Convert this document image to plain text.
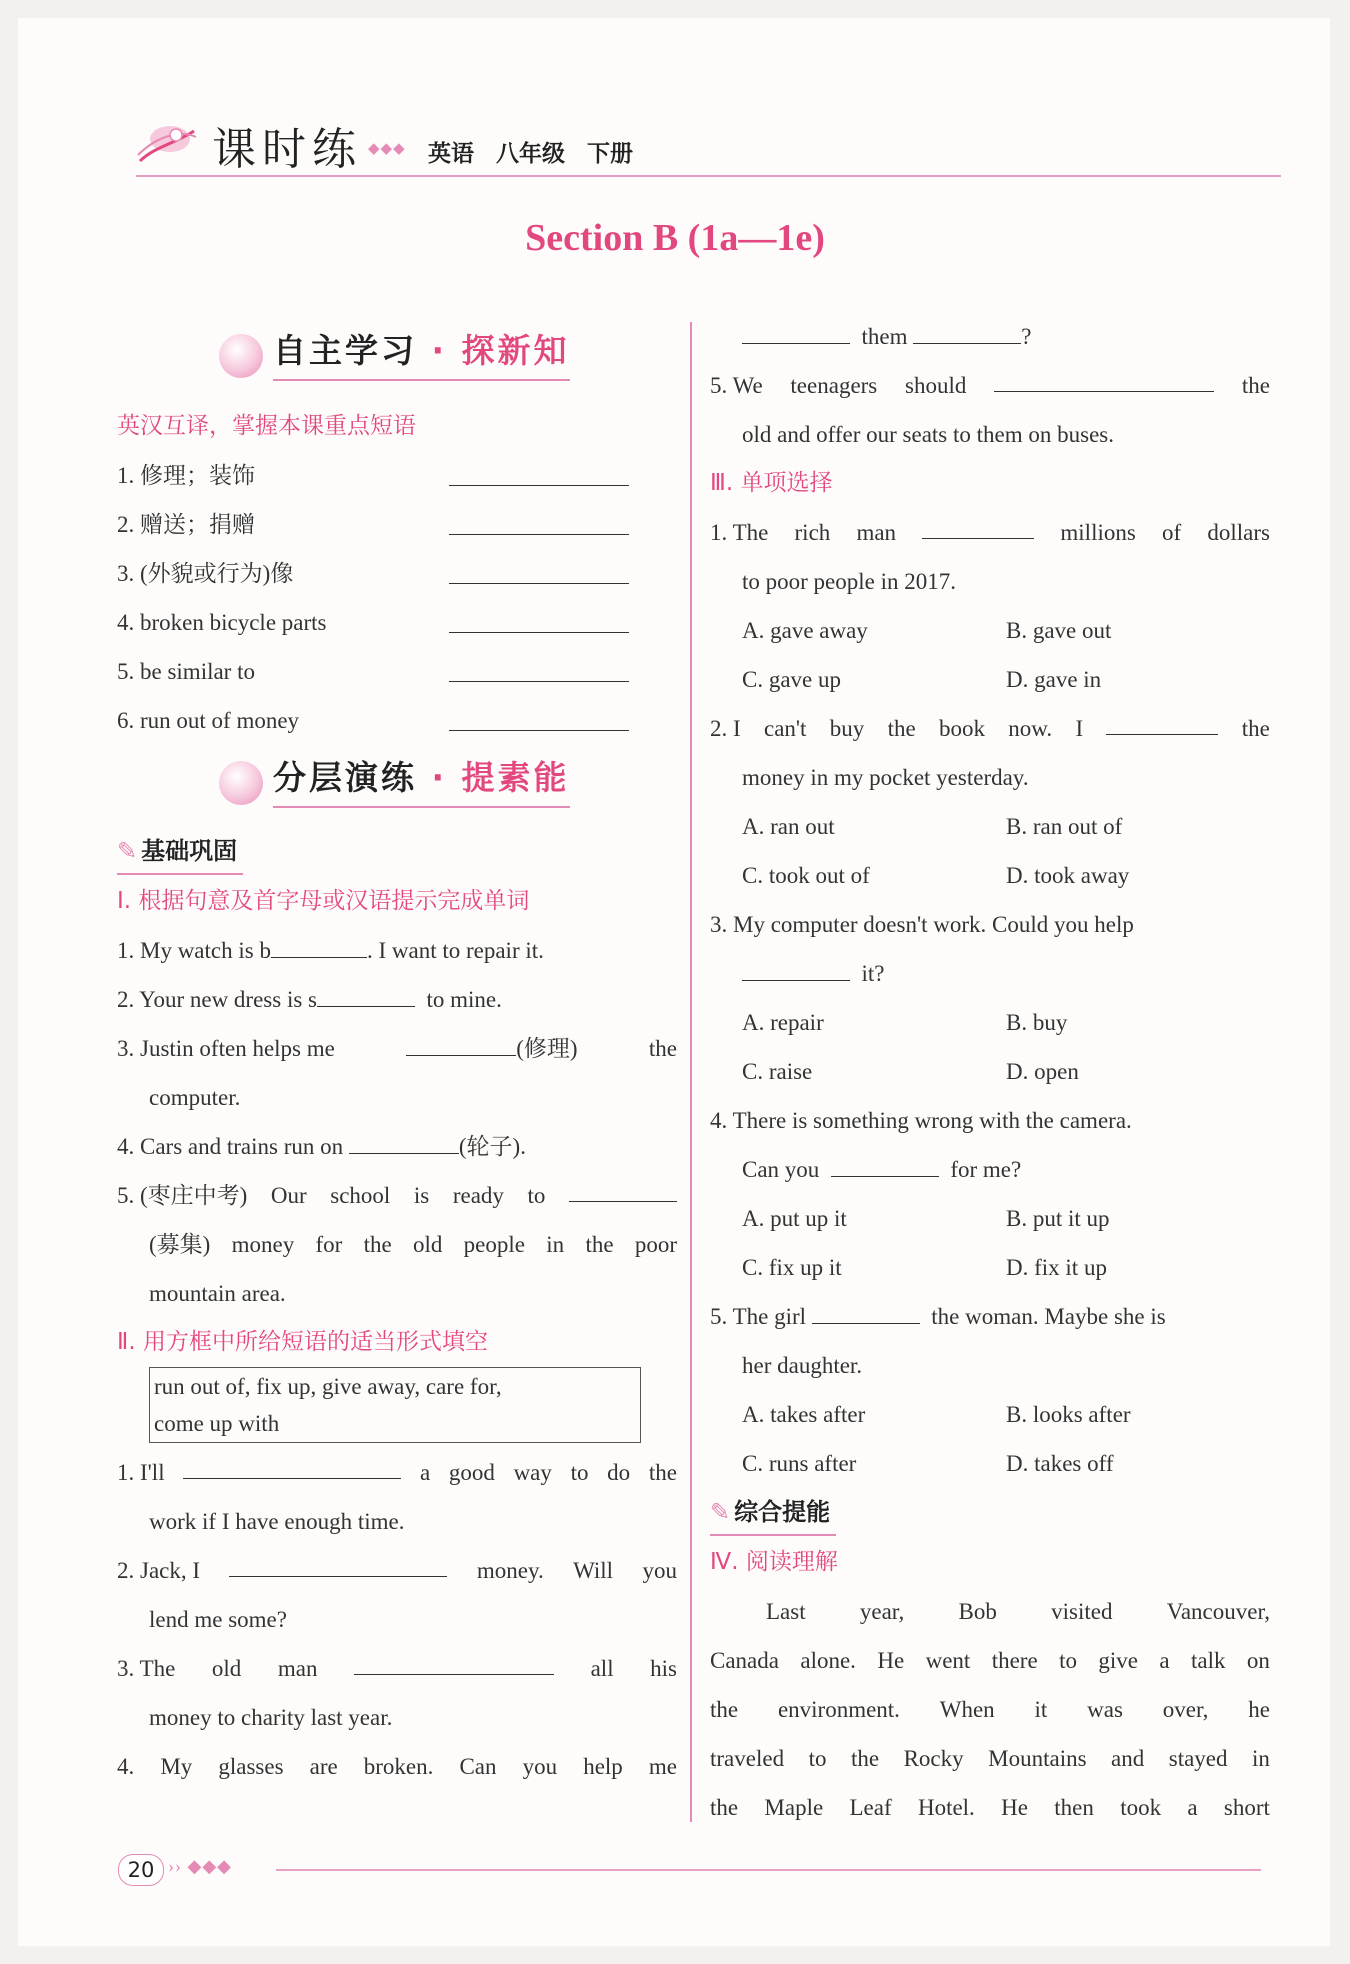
课时练 ◆◆◆ 英语 八年级 下册
Section B (1a—1e)
自主学习 · 探新知
英汉互译，掌握本课重点短语
1. 修理；装饰
2. 赠送；捐赠
3. (外貌或行为)像
4. broken bicycle parts
5. be similar to
6. run out of money
分层演练 · 提素能
✎ 基础巩固
Ⅰ. 根据句意及首字母或汉语提示完成单词
1. My watch is b	. I want to repair it.
2. Your new dress is s	to mine.
3. Justin often helps me	(修理)	the
computer.
4. Cars and trains run on	(轮子).
5. (枣庄中考) Our school is ready to
(募集) money for the old people in the poor
mountain area.
Ⅱ. 用方框中所给短语的适当形式填空
run out of, fix up, give away, care for,
come up with
1. I'll	a good way to do the
work if I have enough time.
2. Jack, I	money. Will you
lend me some?
3. The old man	all his
money to charity last year.
4. My glasses are broken. Can you help me
them	?
5. We teenagers should	the
old and offer our seats to them on buses.
Ⅲ. 单项选择
1. The rich man	millions of dollars
to poor people in 2017.
A. gave away	B. gave out
C. gave up	D. gave in
2. I can't buy the book now. I	the
money in my pocket yesterday.
A. ran out	B. ran out of
C. took out of	D. took away
3. My computer doesn't work. Could you help
it?
A. repair	B. buy
C. raise	D. open
4. There is something wrong with the camera.
Can you	for me?
A. put up it	B. put it up
C. fix up it	D. fix it up
5. The girl	the woman. Maybe she is
her daughter.
A. takes after	B. looks after
C. runs after	D. takes off
✎ 综合提能
Ⅳ. 阅读理解
Last year, Bob visited Vancouver,
Canada alone. He went there to give a talk on
the environment. When it was over, he
traveled to the Rocky Mountains and stayed in
the Maple Leaf Hotel. He then took a short
20 ›› ◆◆◆
